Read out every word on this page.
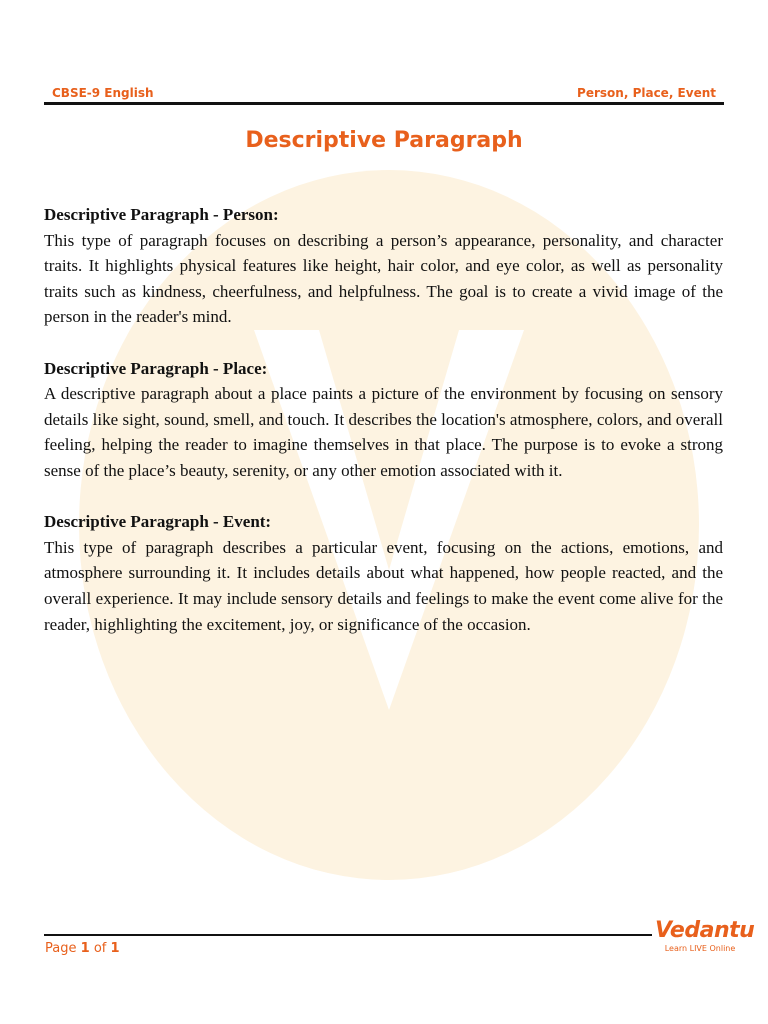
CBSE-9 English	Person, Place, Event
Descriptive Paragraph
Descriptive Paragraph - Person:

This type of paragraph focuses on describing a person’s appearance, personality, and character traits. It highlights physical features like height, hair color, and eye color, as well as personality traits such as kindness, cheerfulness, and helpfulness. The goal is to create a vivid image of the person in the reader's mind.

Descriptive Paragraph - Place:

A descriptive paragraph about a place paints a picture of the environment by focusing on sensory details like sight, sound, smell, and touch. It describes the location's atmosphere, colors, and overall feeling, helping the reader to imagine themselves in that place. The purpose is to evoke a strong sense of the place’s beauty, serenity, or any other emotion associated with it.

Descriptive Paragraph - Event:

This type of paragraph describes a particular event, focusing on the actions, emotions, and atmosphere surrounding it. It includes details about what happened, how people reacted, and the overall experience. It may include sensory details and feelings to make the event come alive for the reader, highlighting the excitement, joy, or significance of the occasion.

Page 1 of 1
Vedantu
Learn LIVE Online
